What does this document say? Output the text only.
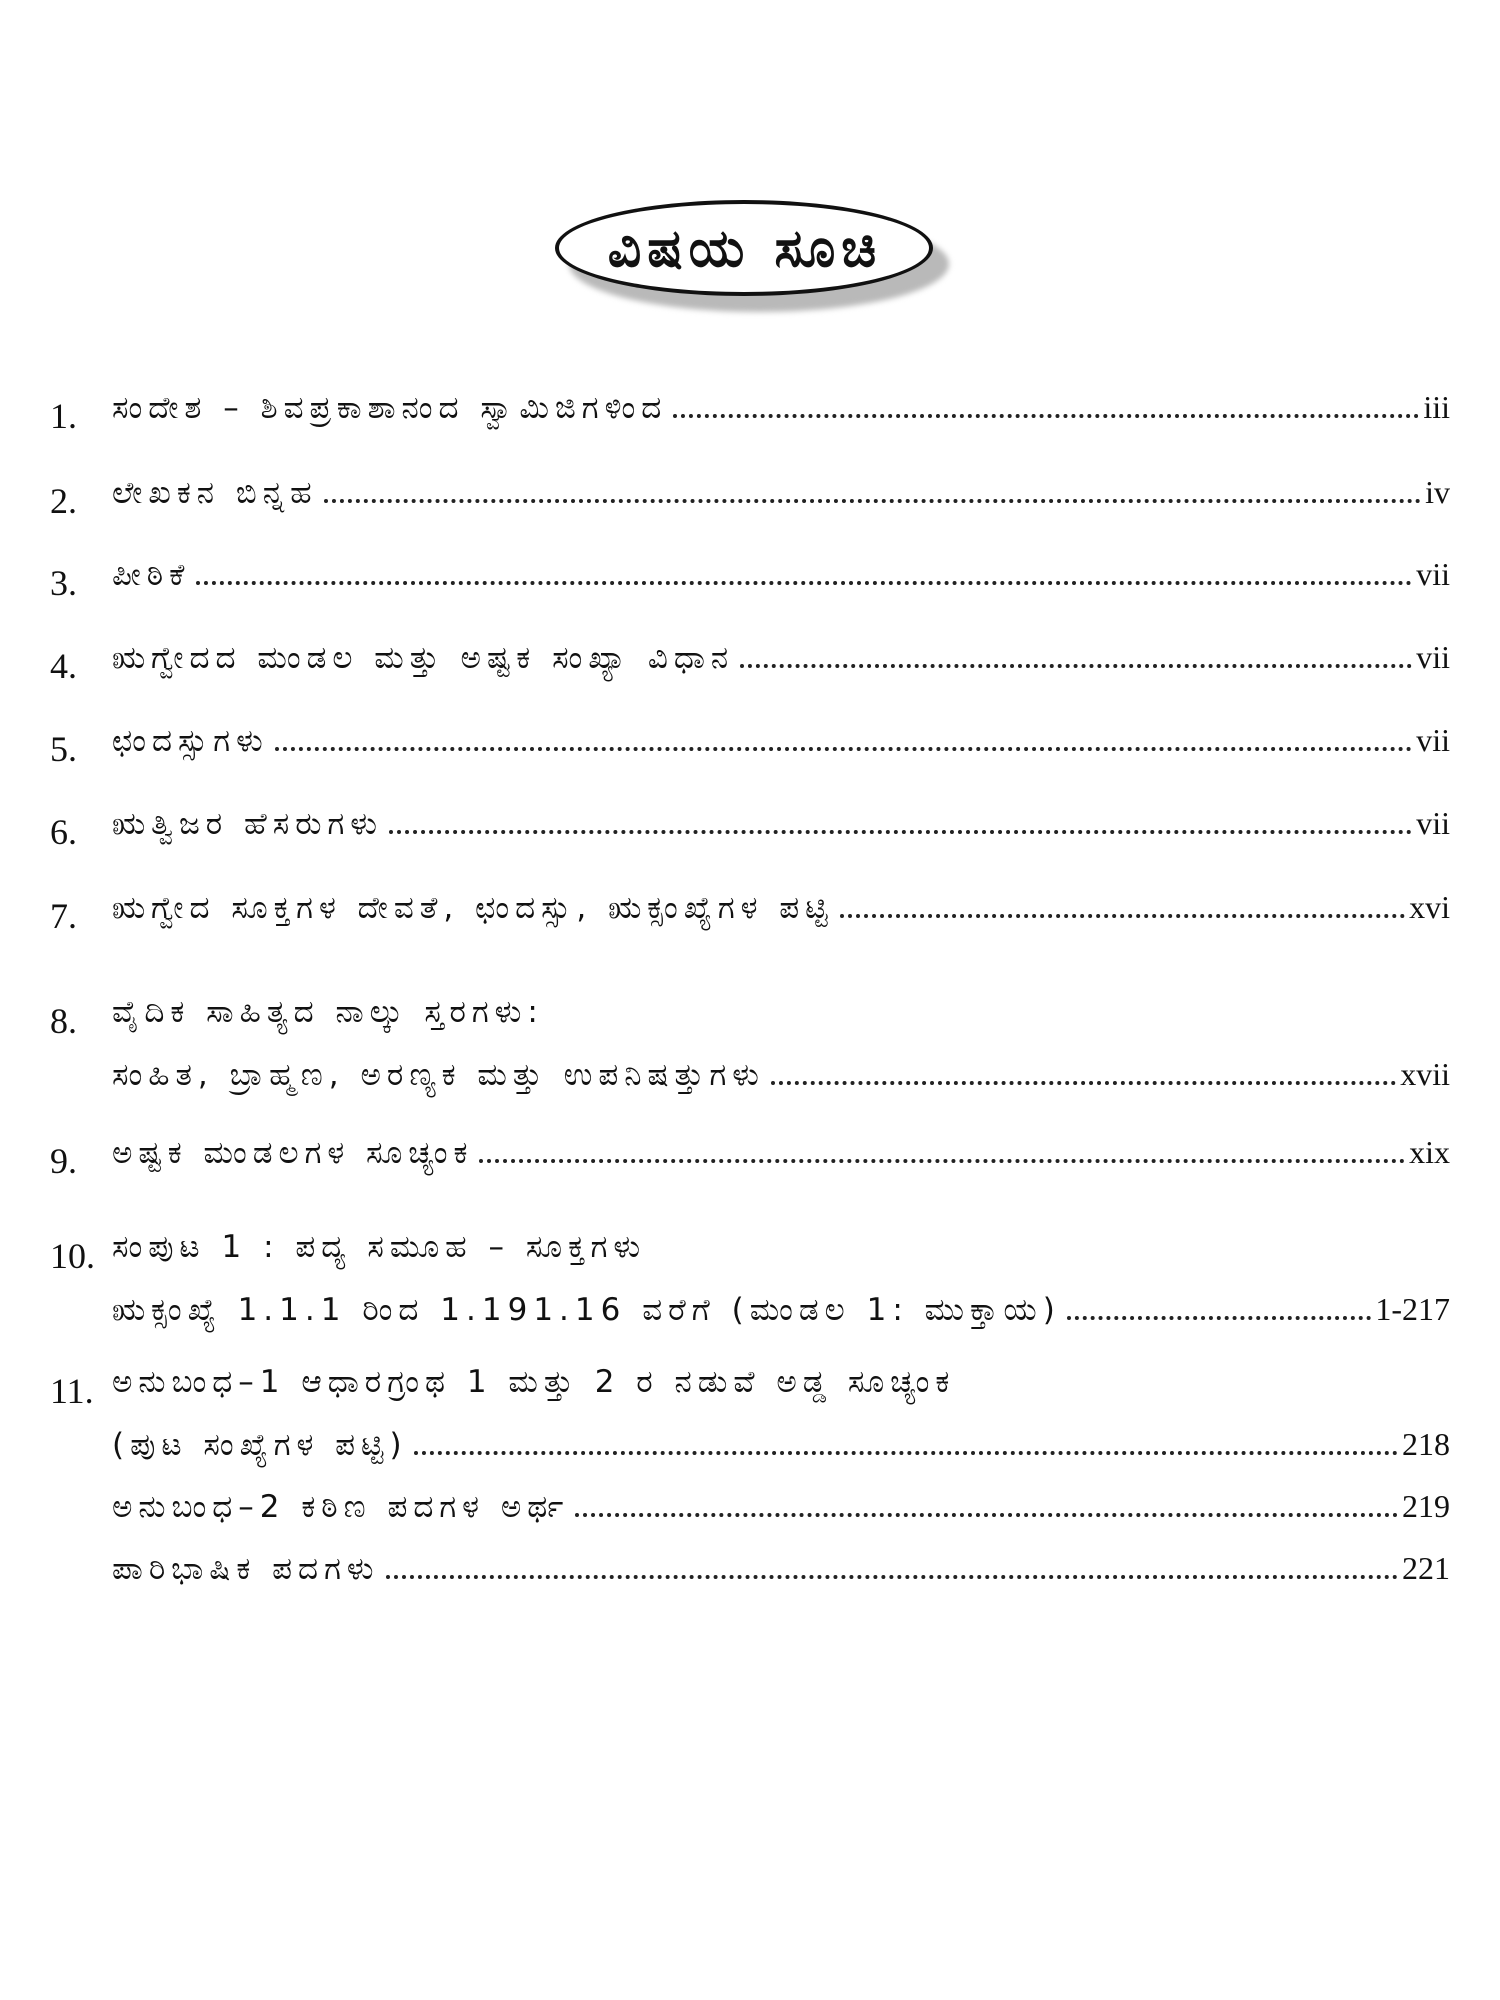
ವಿಷಯ ಸೂಚಿ
1.	ಸಂದೇಶ – ಶಿವಪ್ರಕಾಶಾನಂದ ಸ್ವಾಮಿಜಿಗಳಿಂದ	iii
2.	ಲೇಖಕನ ಬಿನ್ನಹ	iv
3.	ಪೀಠಿಕೆ	vii
4.	ಋಗ್ವೇದದ ಮಂಡಲ ಮತ್ತು ಅಷ್ಟಕ ಸಂಖ್ಯಾ ವಿಧಾನ	vii
5.	ಛಂದಸ್ಸುಗಳು	vii
6.	ಋತ್ವಿಜರ ಹೆಸರುಗಳು	vii
7.	ಋಗ್ವೇದ ಸೂಕ್ತಗಳ ದೇವತೆ, ಛಂದಸ್ಸು, ಋಕ್ಸಂಖ್ಯೆಗಳ ಪಟ್ಟಿ	xvi
8.	ವೈದಿಕ ಸಾಹಿತ್ಯದ ನಾಲ್ಕು ಸ್ತರಗಳು:
ಸಂಹಿತ, ಬ್ರಾಹ್ಮಣ, ಅರಣ್ಯಕ ಮತ್ತು ಉಪನಿಷತ್ತುಗಳು	xvii
9.	ಅಷ್ಟಕ ಮಂಡಲಗಳ ಸೂಚ್ಯಂಕ	xix
10. ಸಂಪುಟ 1 : ಪದ್ಯ ಸಮೂಹ – ಸೂಕ್ತಗಳು
ಋಕ್ಸಂಖ್ಯೆ 1.1.1 ರಿಂದ 1.191.16 ವರೆಗೆ (ಮಂಡಲ 1: ಮುಕ್ತಾಯ)	1-217
11. ಅನುಬಂಧ–1 ಆಧಾರಗ್ರಂಥ 1 ಮತ್ತು 2 ರ ನಡುವೆ ಅಡ್ಡ ಸೂಚ್ಯಂಕ
(ಪುಟ ಸಂಖ್ಯೆಗಳ ಪಟ್ಟಿ)	218
ಅನುಬಂಧ–2 ಕಠಿಣ ಪದಗಳ ಅರ್ಥ	219
ಪಾರಿಭಾಷಿಕ ಪದಗಳು	221
